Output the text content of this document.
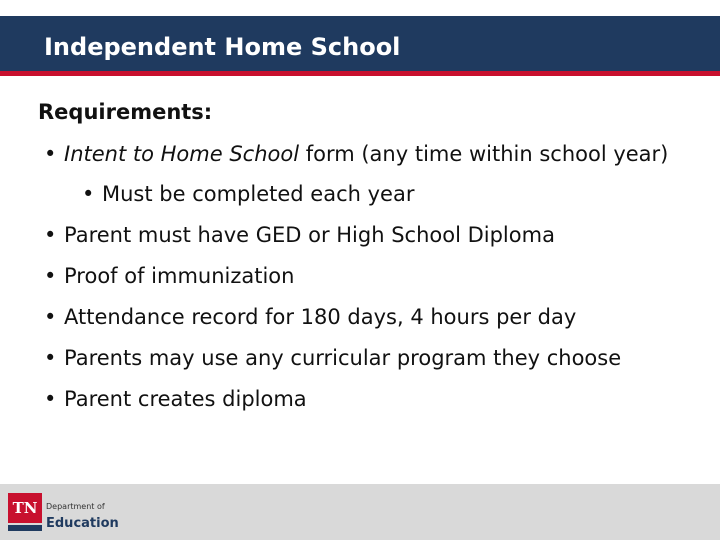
Independent Home School
Requirements:
• Intent to Home School form (any time within school year)
• Must be completed each year
• Parent must have GED or High School Diploma
• Proof of immunization
• Attendance record for 180 days, 4 hours per day
• Parents may use any curricular program they choose
• Parent creates diploma
TN	Department of
Education
